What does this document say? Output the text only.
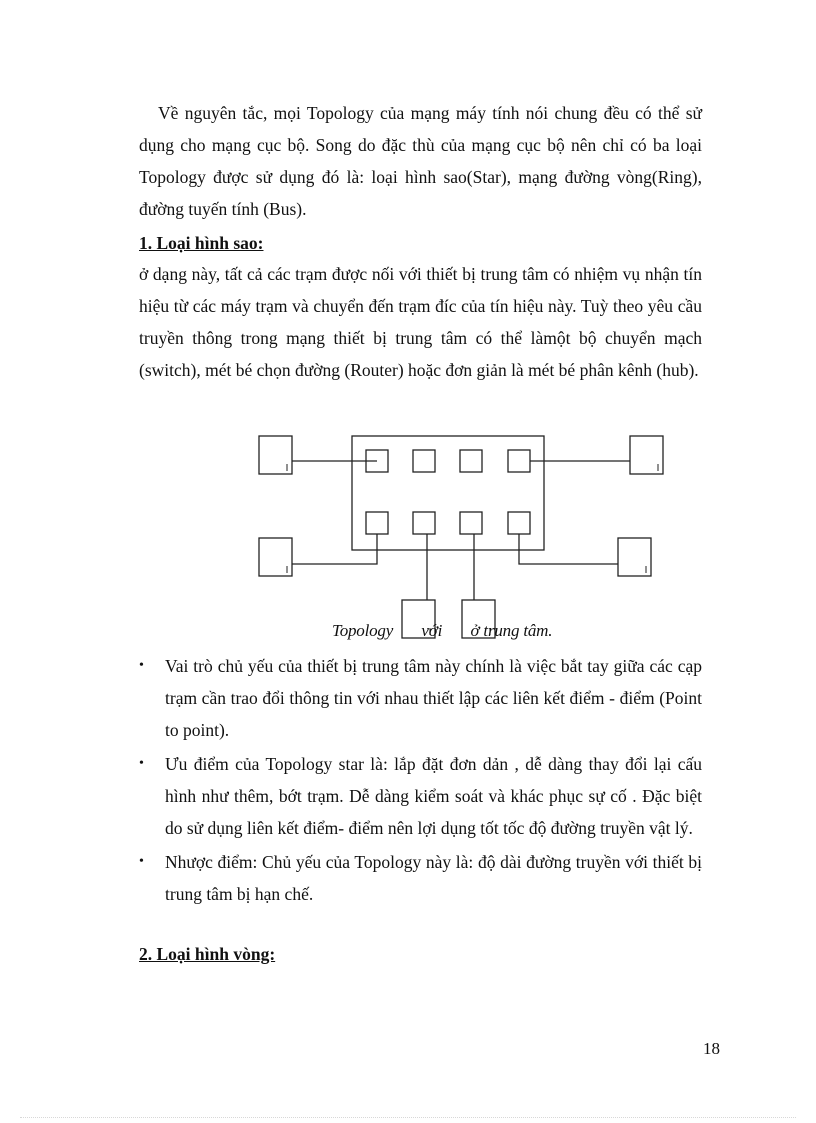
Về nguyên tắc, mọi Topology của mạng máy tính nói chung đều có thể sử dụng cho mạng cục bộ. Song do đặc thù của mạng cục bộ nên chỉ có ba loại Topology được sử dụng đó là: loại hình sao(Star), mạng đường vòng(Ring), đường tuyến tính (Bus).

1. Loại hình sao:

ở dạng này, tất cả các trạm được nối với thiết bị trung tâm có nhiệm vụ nhận tín hiệu từ các máy trạm và chuyển đến trạm đíc của tín hiệu này. Tuỳ theo yêu cầu truyền thông trong mạng thiết bị trung tâm có thể làmột bộ chuyển mạch (switch), mét bé chọn đường (Router) hoặc đơn giản là mét bé phân kênh (hub).

Topology       với       ở trung tâm.

• Vai trò chủ yếu của thiết bị trung tâm này chính là việc bắt tay giữa các cạp trạm cần trao đổi thông tin với nhau thiết lập các liên kết điểm - điểm (Point to point).
• Ưu điểm của Topology star là: lắp đặt đơn dản , dễ dàng thay đổi lại cấu hình như thêm, bớt trạm. Dễ dàng kiểm soát và khác phục sự cố . Đặc biệt do sử dụng liên kết điểm- điểm nên lợi dụng tốt tốc độ đường truyền vật lý.
• Nhược điểm: Chủ yếu của Topology này là: độ dài đường truyền với thiết bị trung tâm bị hạn chế.

2. Loại hình vòng:

18
